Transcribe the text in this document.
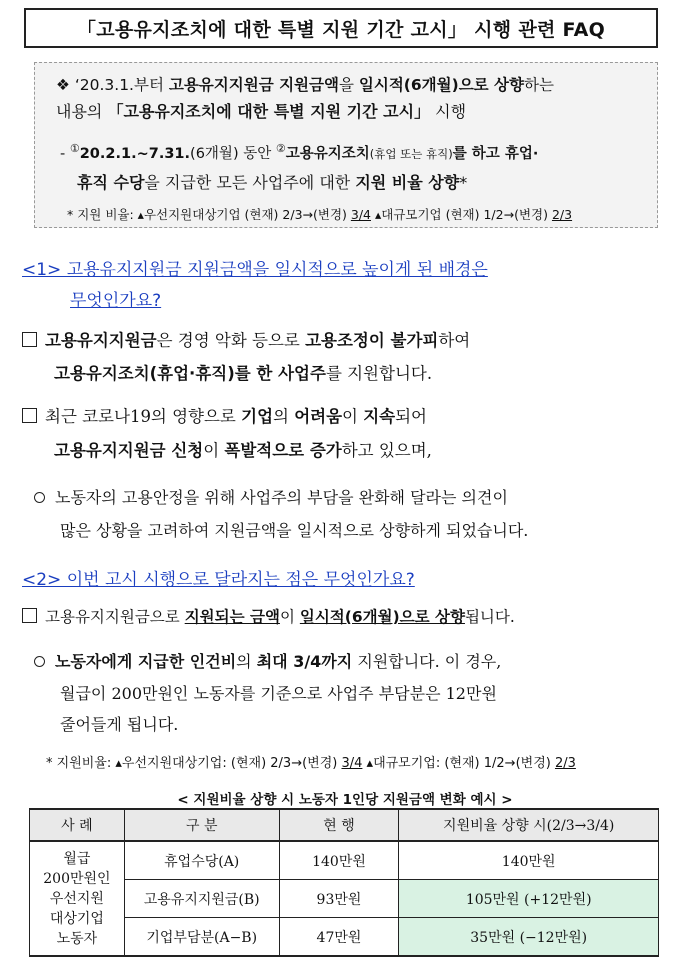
「고용유지조치에 대한 특별 지원 기간 고시」 시행 관련 FAQ
❖ ‘20.3.1.부터 고용유지지원금 지원금액을 일시적(6개월)으로 상향하는
내용의 「고용유지조치에 대한 특별 지원 기간 고시」 시행
- ①20.2.1.~7.31.(6개월) 동안 ②고용유지조치(휴업 또는 휴직)를 하고 휴업·
휴직 수당을 지급한 모든 사업주에 대한 지원 비율 상향*
* 지원 비율: ▴우선지원대상기업 (현재) 2/3→(변경) 3/4 ▴대규모기업 (현재) 1/2→(변경) 2/3
<1> 고용유지지원금 지원금액을 일시적으로 높이게 된 배경은
무엇인가요?
고용유지지원금은 경영 악화 등으로 고용조정이 불가피하여
고용유지조치(휴업·휴직)를 한 사업주를 지원합니다.
최근 코로나19의 영향으로 기업의 어려움이 지속되어
고용유지지원금 신청이 폭발적으로 증가하고 있으며,
노동자의 고용안정을 위해 사업주의 부담을 완화해 달라는 의견이
많은 상황을 고려하여 지원금액을 일시적으로 상향하게 되었습니다.
<2> 이번 고시 시행으로 달라지는 점은 무엇인가요?
고용유지지원금으로 지원되는 금액이 일시적(6개월)으로 상향됩니다.
노동자에게 지급한 인건비의 최대 3/4까지 지원합니다. 이 경우,
월급이 200만원인 노동자를 기준으로 사업주 부담분은 12만원
줄어들게 됩니다.
* 지원비율: ▴우선지원대상기업: (현재) 2/3→(변경) 3/4 ▴대규모기업: (현재) 1/2→(변경) 2/3
< 지원비율 상향 시 노동자 1인당 지원금액 변화 예시 >
사 례	구 분	현 행	지원비율 상향 시(2/3→3/4)

월급
200만원인
우선지원
대상기업
노동자	휴업수당(A)	140만원	140만원
	고용유지지원금(B)	93만원	105만원 (+12만원)
	기업부담분(A−B)	47만원	35만원 (−12만원)
